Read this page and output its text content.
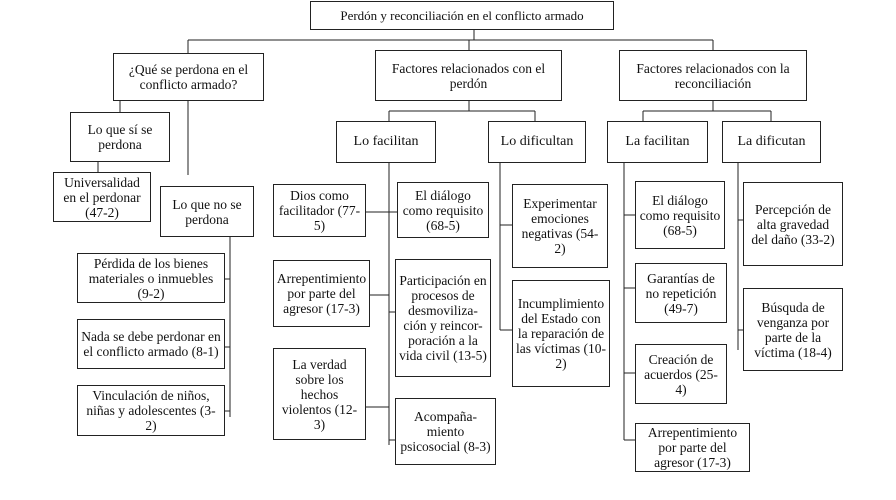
Perdón y reconciliación en el conflicto armado
¿Qué se perdona en el conflicto armado?
Lo que sí se perdona
Universalidad en el perdonar (47-2)
Lo que no se perdona
Pérdida de los bienes materiales o inmuebles (9-2)
Nada se debe perdonar en el conflicto armado (8-1)
Vinculación de niños, niñas y adolescentes (3-2)
Factores relacionados con el perdón
Lo facilitan	Lo dificultan
Dios como facilitador (77-5)
Arrepentimiento por parte del agresor (17-3)
La verdad sobre los hechos violentos (12-3)
El diálogo como requisito (68-5)
Participación en procesos de desmoviliza-ción y reincor-poración a la vida civil (13-5)
Acompaña-miento psicosocial (8-3)
Experimentar emociones negativas (54-2)
Incumplimiento del Estado con la reparación de las víctimas (10-2)
Factores relacionados con la reconciliación
La facilitan	La dificutan
El diálogo como requisito (68-5)
Garantías de no repetición (49-7)
Creación de acuerdos (25-4)
Arrepentimiento por parte del agresor (17-3)
Percepción de alta gravedad del daño (33-2)
Búsquda de venganza por parte de la víctima (18-4)
